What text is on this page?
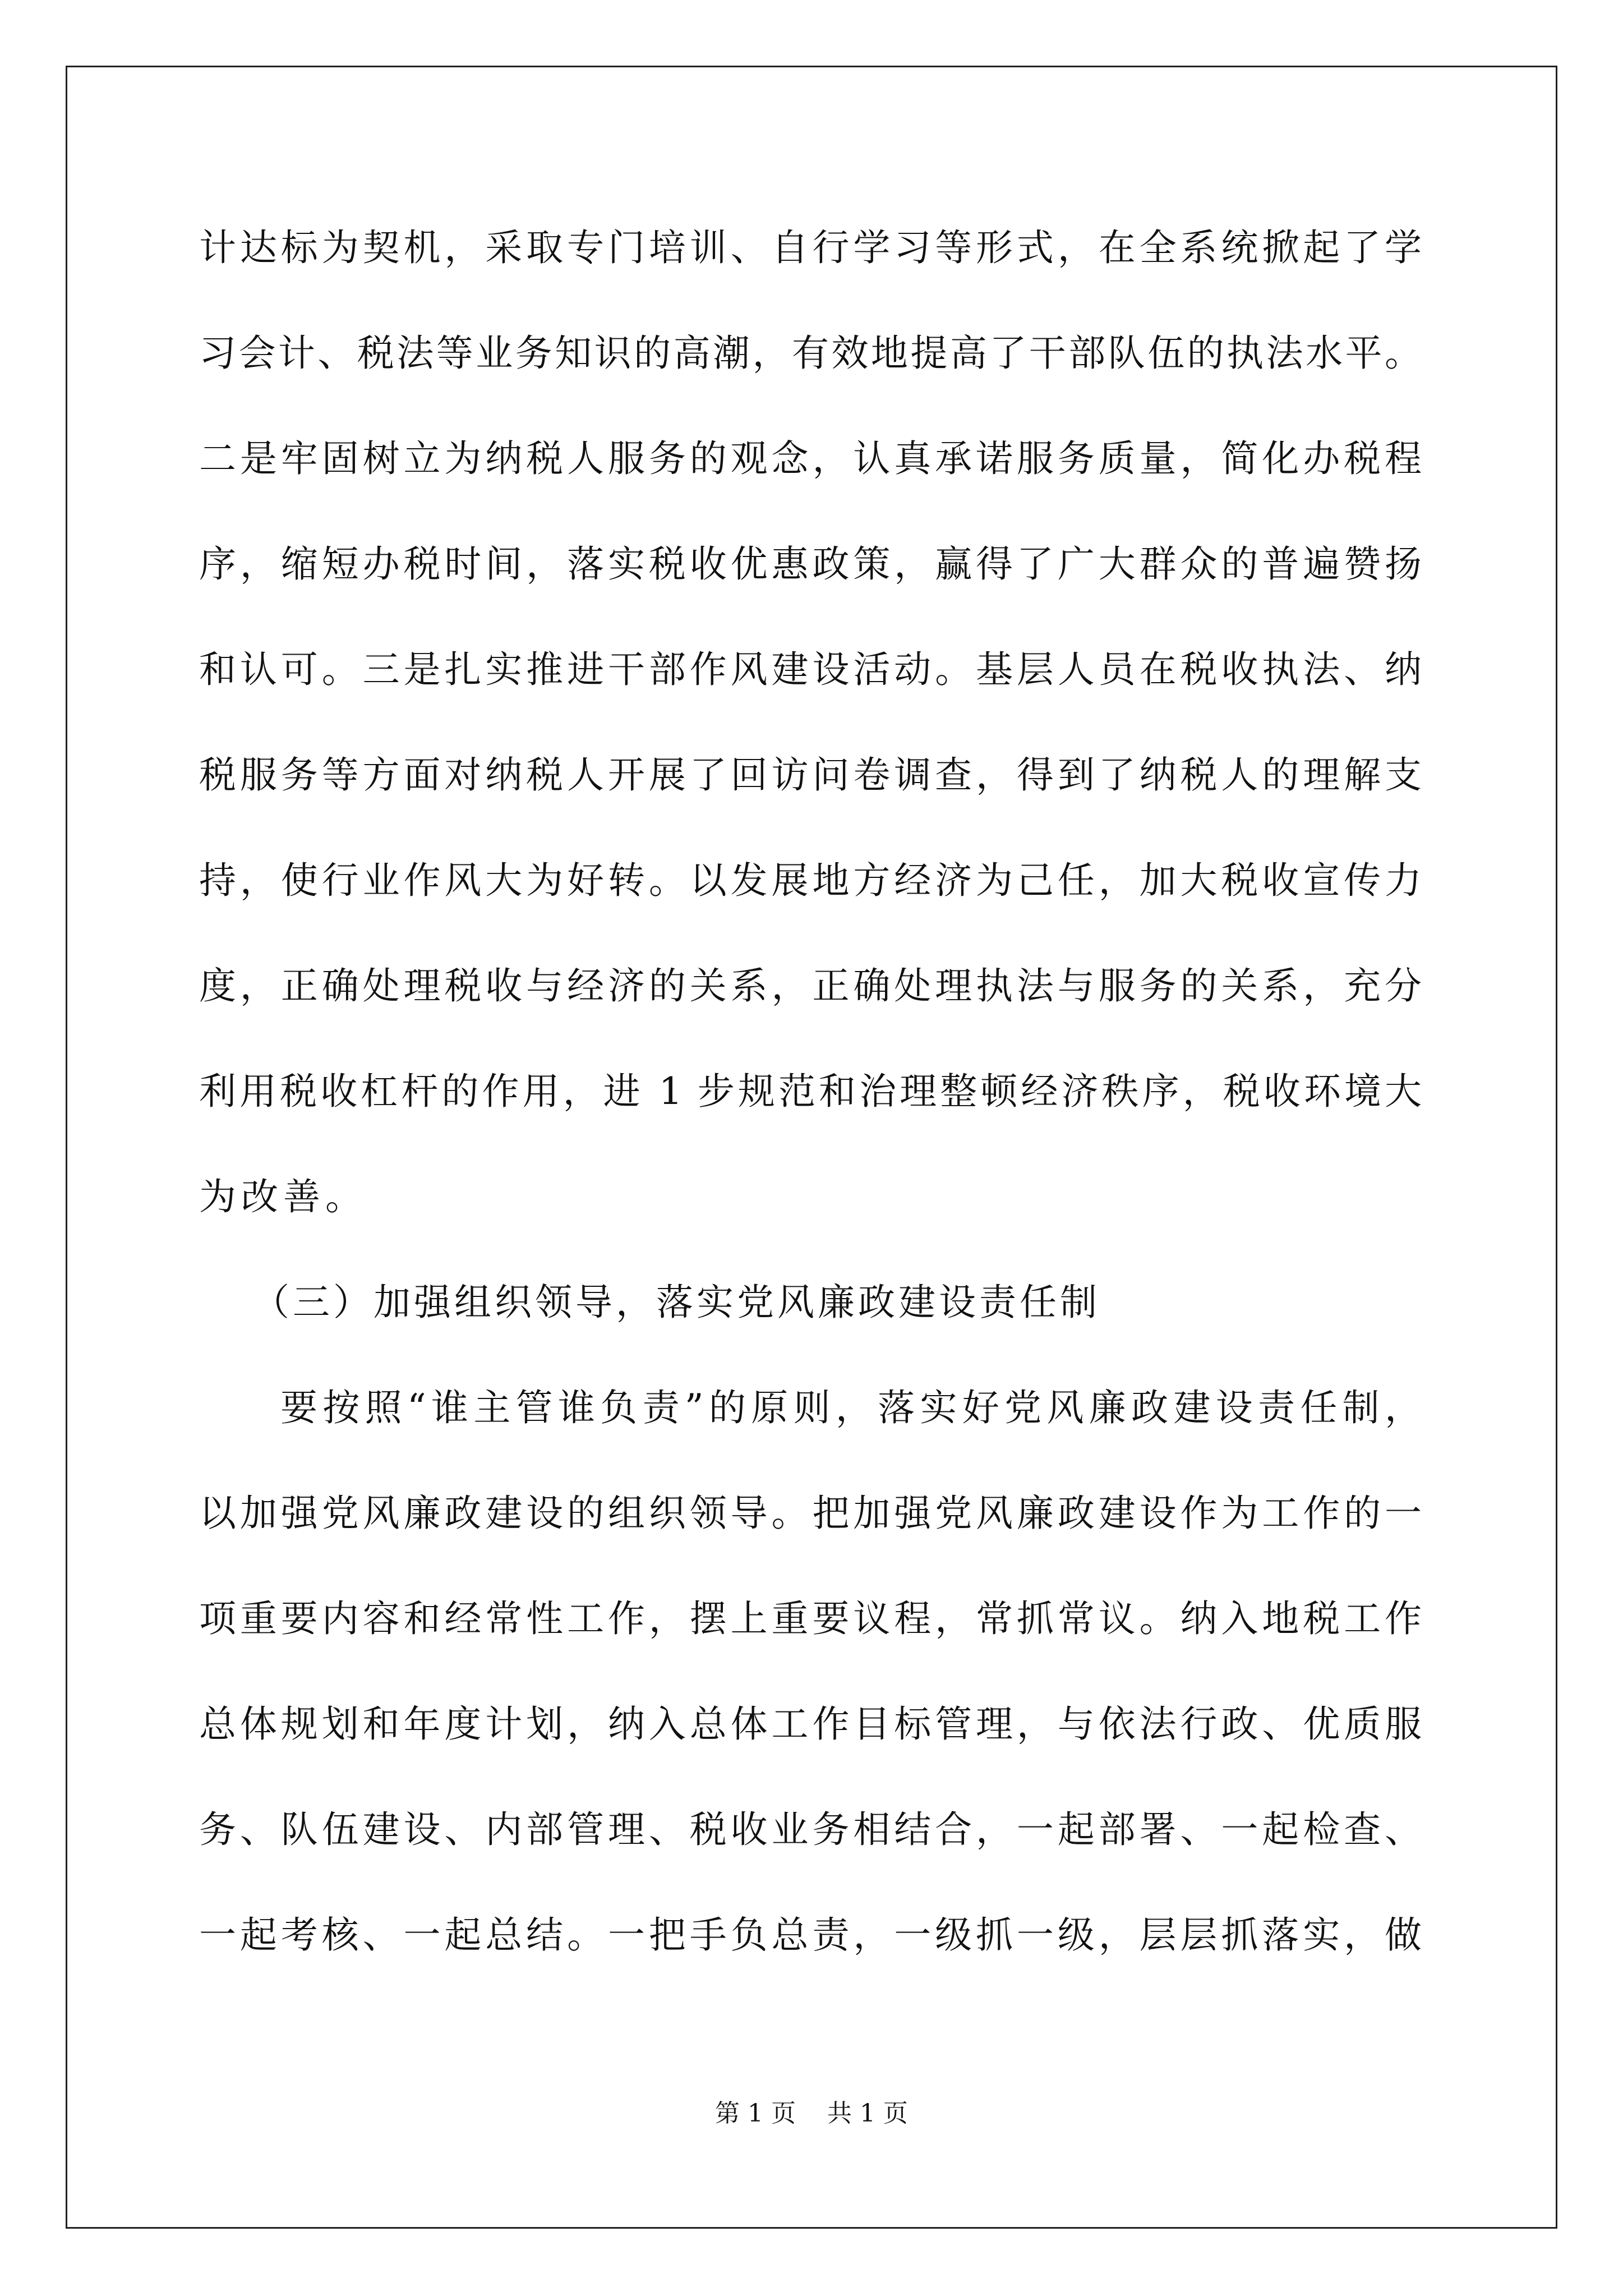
计达标为契机，采取专门培训、自行学习等形式，在全系统掀起了学
习会计、税法等业务知识的高潮，有效地提高了干部队伍的执法水平。
二是牢固树立为纳税人服务的观念，认真承诺服务质量，简化办税程
序，缩短办税时间，落实税收优惠政策，赢得了广大群众的普遍赞扬
和认可。三是扎实推进干部作风建设活动。基层人员在税收执法、纳
税服务等方面对纳税人开展了回访问卷调查，得到了纳税人的理解支
持，使行业作风大为好转。以发展地方经济为己任，加大税收宣传力
度，正确处理税收与经济的关系，正确处理执法与服务的关系，充分
利用税收杠杆的作用，进 1 步规范和治理整顿经济秩序，税收环境大
为改善。
（三）加强组织领导，落实党风廉政建设责任制
要按照“谁主管谁负责”的原则，落实好党风廉政建设责任制，
以加强党风廉政建设的组织领导。把加强党风廉政建设作为工作的一
项重要内容和经常性工作，摆上重要议程，常抓常议。纳入地税工作
总体规划和年度计划，纳入总体工作目标管理，与依法行政、优质服
务、队伍建设、内部管理、税收业务相结合，一起部署、一起检查、
一起考核、一起总结。一把手负总责，一级抓一级，层层抓落实，做
第 1 页    共 1 页
